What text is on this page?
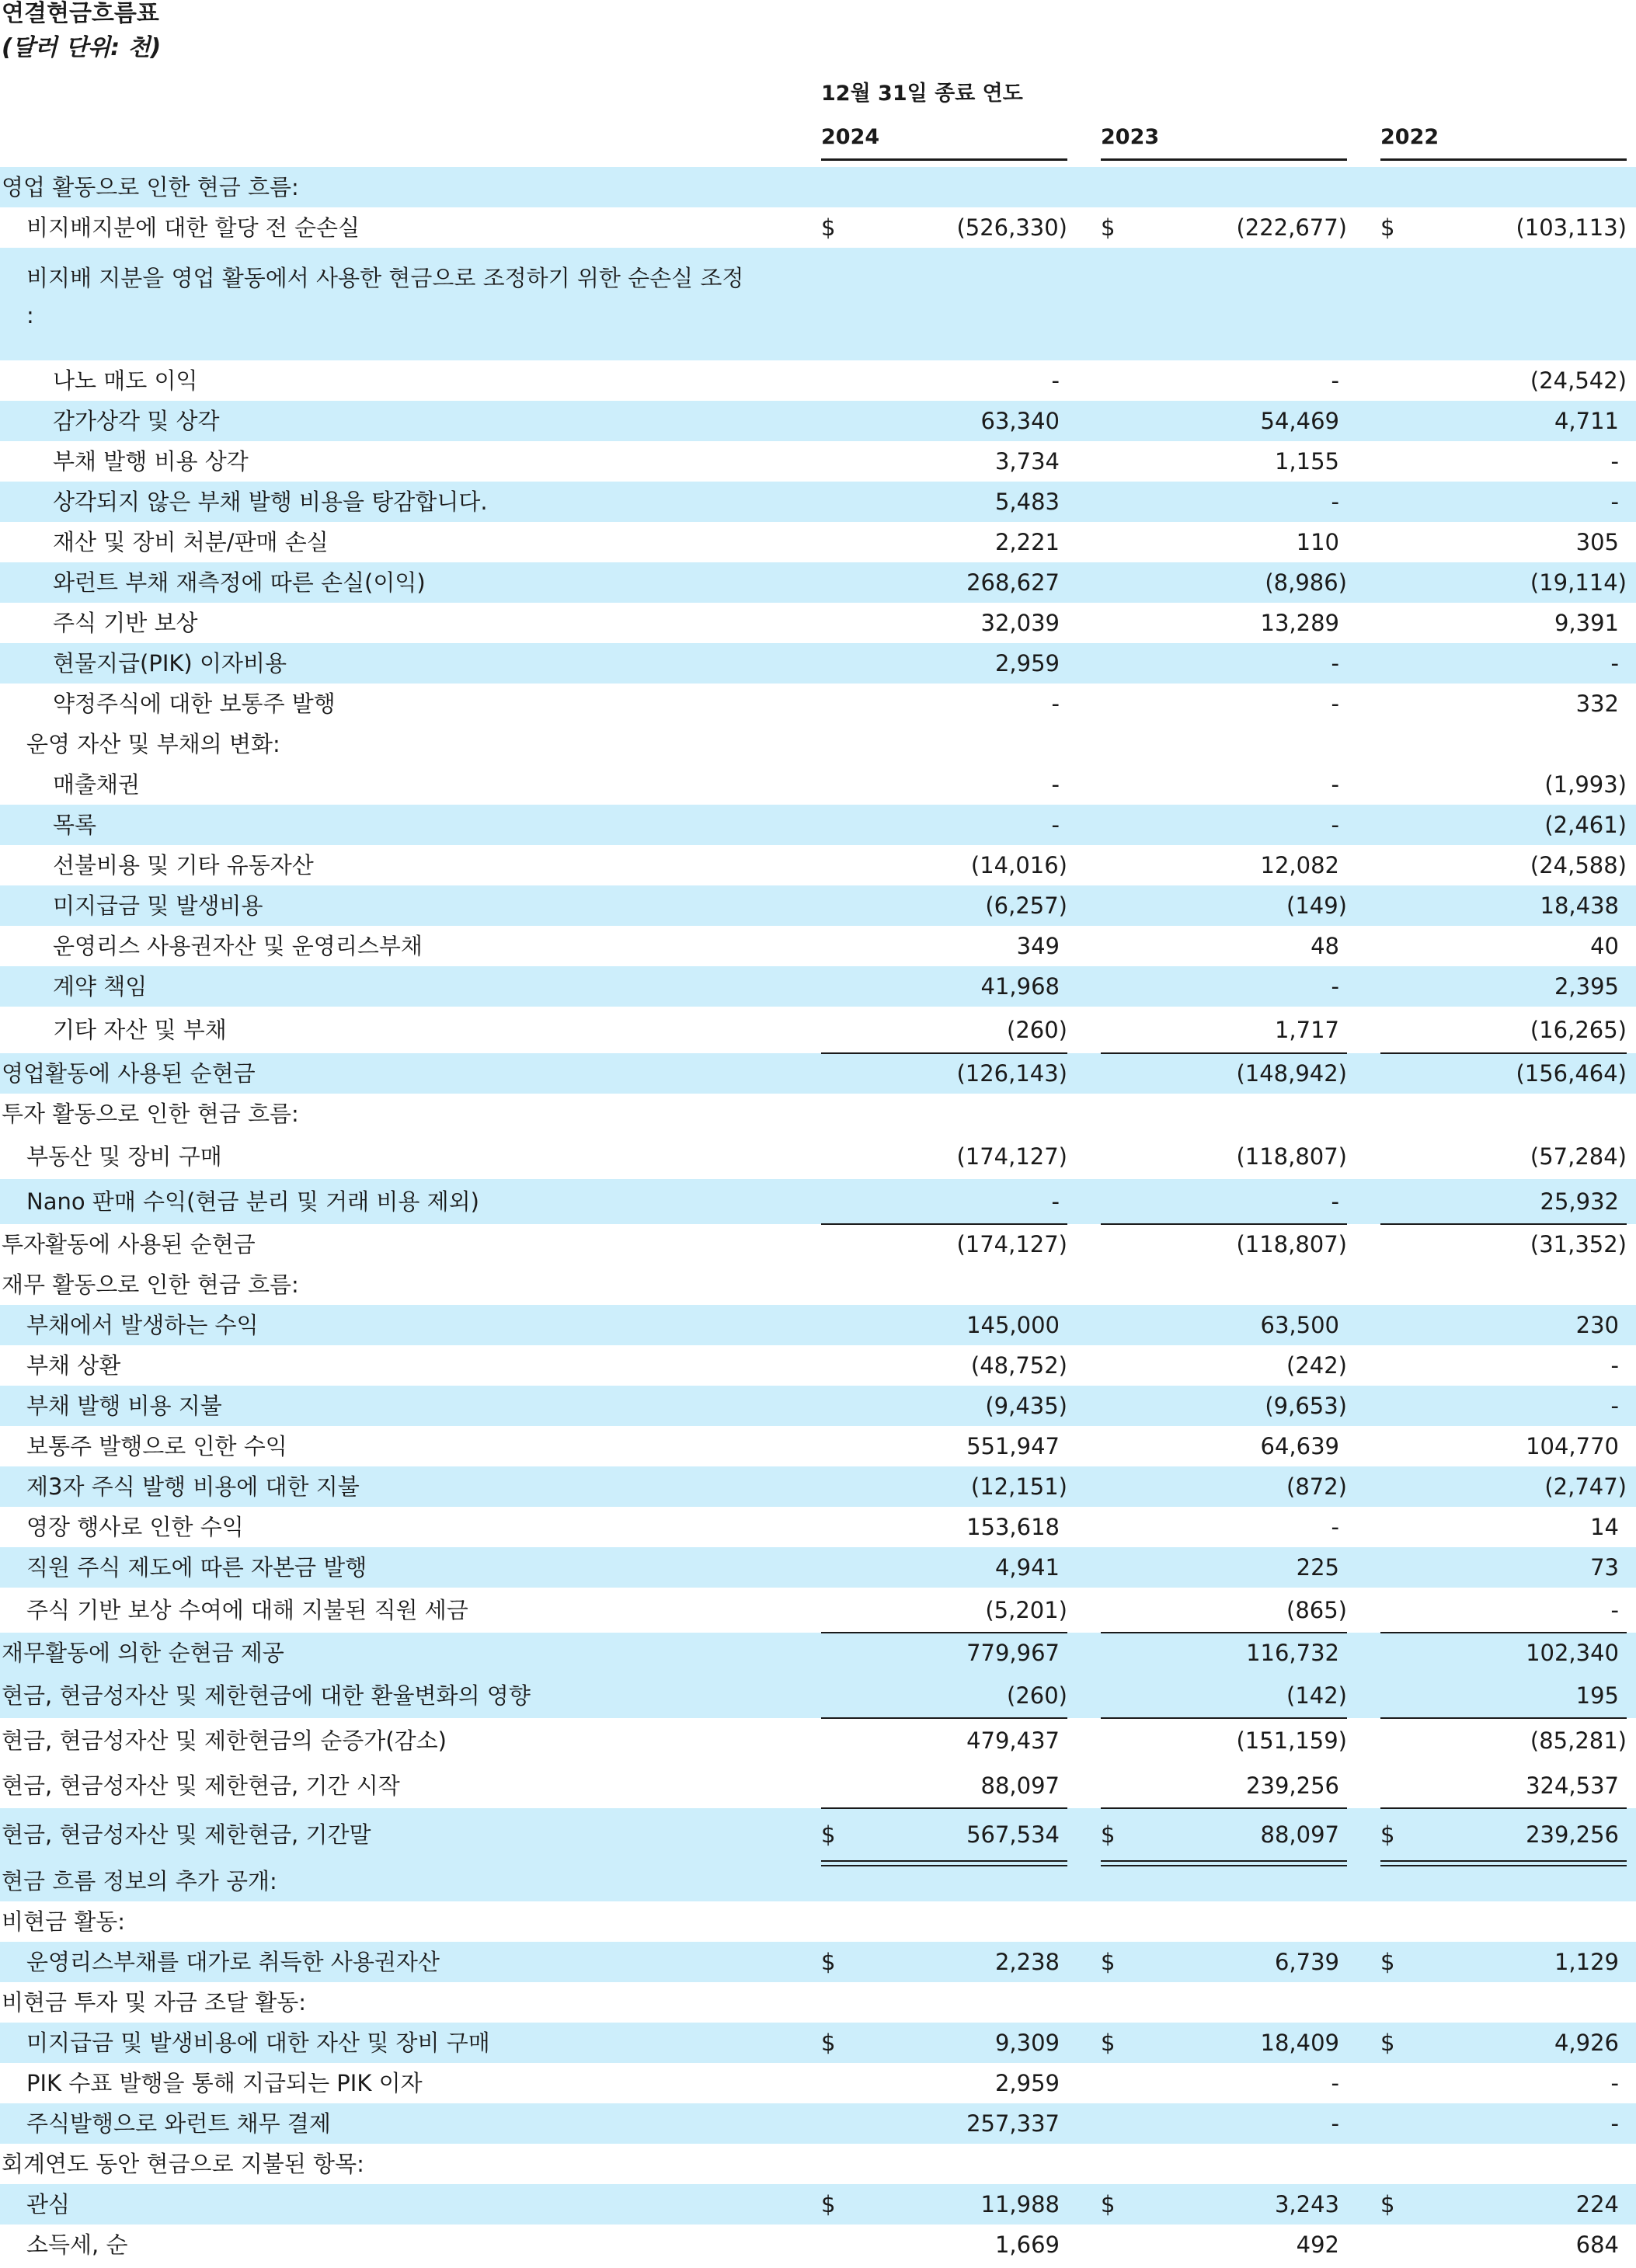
연결현금흐름표
(달러 단위: 천)
12월 31일 종료 연도
2024	2023	2022
영업 활동으로 인한 현금 흐름:
비지배지분에 대한 할당 전 순손실	$	(526,330) $	(222,677) $	(103,113)
비지배 지분을 영업 활동에서 사용한 현금으로 조정하기 위한 순손실 조정
:
나노 매도 이익	-	-	(24,542)
감가상각 및 상각	63,340	54,469	4,711
부채 발행 비용 상각	3,734	1,155	-
상각되지 않은 부채 발행 비용을 탕감합니다.	5,483	-	-
재산 및 장비 처분/판매 손실	2,221	110	305
와런트 부채 재측정에 따른 손실(이익)	268,627	(8,986)	(19,114)
주식 기반 보상	32,039	13,289	9,391
현물지급(PIK) 이자비용	2,959	-	-
약정주식에 대한 보통주 발행	-	-	332
운영 자산 및 부채의 변화:
매출채권	-	-	(1,993)
목록	-	-	(2,461)
선불비용 및 기타 유동자산	(14,016)	12,082	(24,588)
미지급금 및 발생비용	(6,257)	(149)	18,438
운영리스 사용권자산 및 운영리스부채	349	48	40
계약 책임	41,968	-	2,395
기타 자산 및 부채	(260)	1,717	(16,265)
영업활동에 사용된 순현금	(126,143)	(148,942)	(156,464)
투자 활동으로 인한 현금 흐름:
부동산 및 장비 구매	(174,127)	(118,807)	(57,284)
Nano 판매 수익(현금 분리 및 거래 비용 제외)	-	-	25,932
투자활동에 사용된 순현금	(174,127)	(118,807)	(31,352)
재무 활동으로 인한 현금 흐름:
부채에서 발생하는 수익	145,000	63,500	230
부채 상환	(48,752)	(242)	-
부채 발행 비용 지불	(9,435)	(9,653)	-
보통주 발행으로 인한 수익	551,947	64,639	104,770
제3자 주식 발행 비용에 대한 지불	(12,151)	(872)	(2,747)
영장 행사로 인한 수익	153,618	-	14
직원 주식 제도에 따른 자본금 발행	4,941	225	73
주식 기반 보상 수여에 대해 지불된 직원 세금	(5,201)	(865)	-
재무활동에 의한 순현금 제공	779,967	116,732	102,340
현금, 현금성자산 및 제한현금에 대한 환율변화의 영향	(260)	(142)	195
현금, 현금성자산 및 제한현금의 순증가(감소)	479,437	(151,159)	(85,281)
현금, 현금성자산 및 제한현금, 기간 시작	88,097	239,256	324,537
현금, 현금성자산 및 제한현금, 기간말	$	567,534 $	88,097 $	239,256
현금 흐름 정보의 추가 공개:
비현금 활동:
운영리스부채를 대가로 취득한 사용권자산	$	2,238 $	6,739 $	1,129
비현금 투자 및 자금 조달 활동:
미지급금 및 발생비용에 대한 자산 및 장비 구매	$	9,309 $	18,409 $	4,926
PIK 수표 발행을 통해 지급되는 PIK 이자	2,959	-	-
주식발행으로 와런트 채무 결제	257,337	-	-
회계연도 동안 현금으로 지불된 항목:
관심	$	11,988 $	3,243 $	224
소득세, 순	1,669	492	684
